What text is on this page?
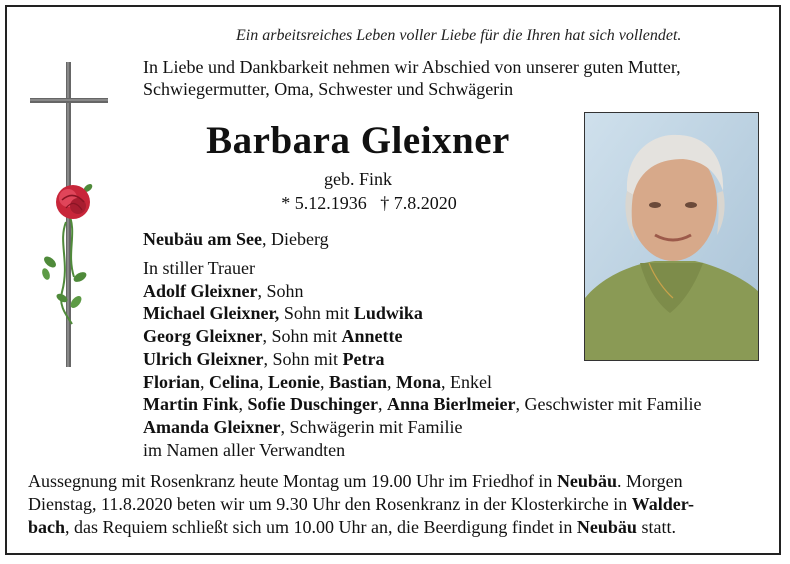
Ein arbeitsreiches Leben voller Liebe für die Ihren hat sich vollendet.
In Liebe und Dankbarkeit nehmen wir Abschied von unserer guten Mutter,
Schwiegermutter, Oma, Schwester und Schwägerin
Barbara Gleixner
geb. Fink
* 5.12.1936   † 7.8.2020
Neubäu am See, Dieberg
In stiller Trauer
Adolf Gleixner, Sohn
Michael Gleixner, Sohn mit Ludwika
Georg Gleixner, Sohn mit Annette
Ulrich Gleixner, Sohn mit Petra
Florian, Celina, Leonie, Bastian, Mona, Enkel
Martin Fink, Sofie Duschinger, Anna Bierlmeier, Geschwister mit Familie
Amanda Gleixner, Schwägerin mit Familie
im Namen aller Verwandten
Aussegnung mit Rosenkranz heute Montag um 19.00 Uhr im Friedhof in Neubäu. Morgen
Dienstag, 11.8.2020 beten wir um 9.30 Uhr den Rosenkranz in der Klosterkirche in Walder-
bach, das Requiem schließt sich um 10.00 Uhr an, die Beerdigung findet in Neubäu statt.
